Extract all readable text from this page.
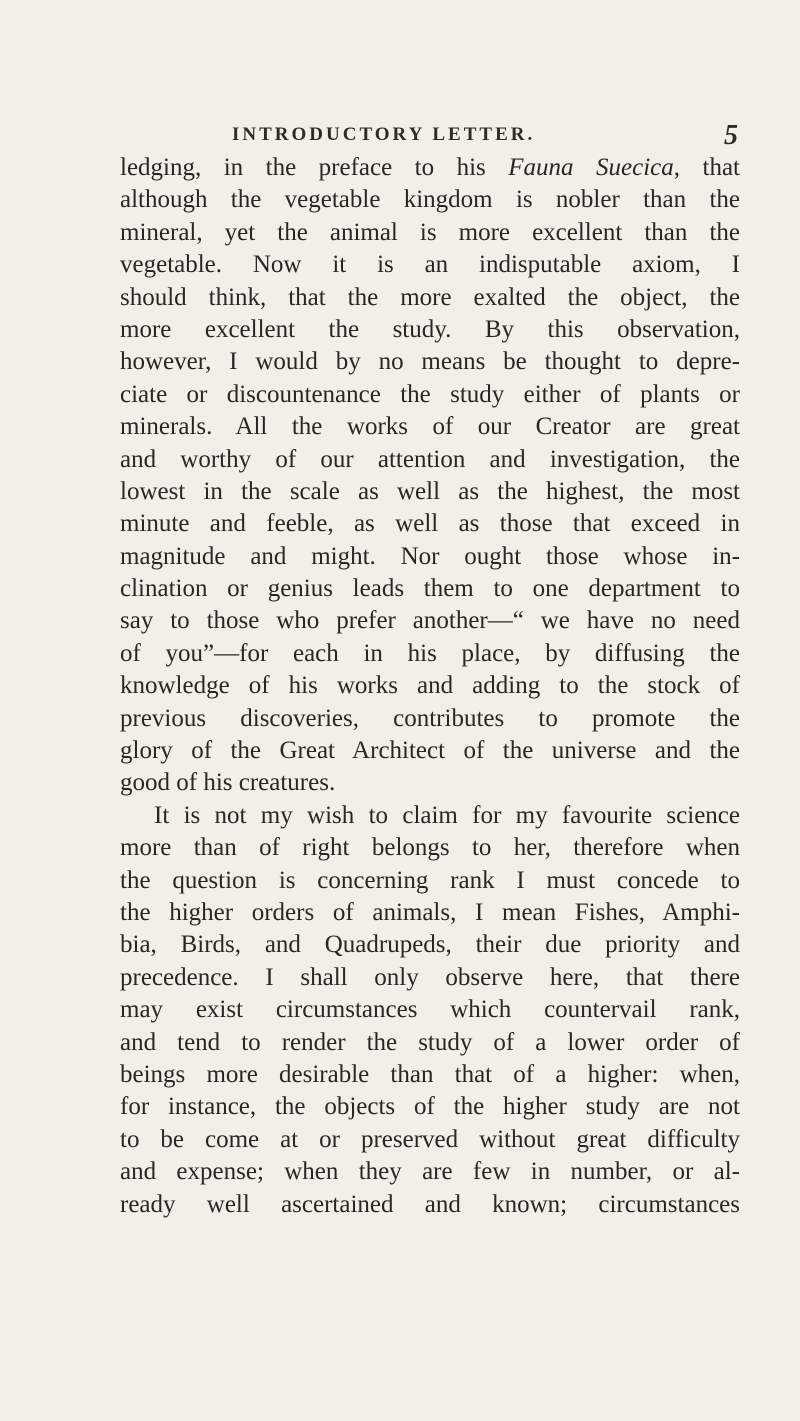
INTRODUCTORY LETTER.	5
ledging, in the preface to his Fauna Suecica, that
although the vegetable kingdom is nobler than the
mineral, yet the animal is more excellent than the
vegetable. Now it is an indisputable axiom, I
should think, that the more exalted the object, the
more excellent the study. By this observation,
however, I would by no means be thought to depre-
ciate or discountenance the study either of plants or
minerals. All the works of our Creator are great
and worthy of our attention and investigation, the
lowest in the scale as well as the highest, the most
minute and feeble, as well as those that exceed in
magnitude and might. Nor ought those whose in-
clination or genius leads them to one department to
say to those who prefer another—“ we have no need
of you”—for each in his place, by diffusing the
knowledge of his works and adding to the stock of
previous discoveries, contributes to promote the
glory of the Great Architect of the universe and the
good of his creatures.
It is not my wish to claim for my favourite science
more than of right belongs to her, therefore when
the question is concerning rank I must concede to
the higher orders of animals, I mean Fishes, Amphi-
bia, Birds, and Quadrupeds, their due priority and
precedence. I shall only observe here, that there
may exist circumstances which countervail rank,
and tend to render the study of a lower order of
beings more desirable than that of a higher: when,
for instance, the objects of the higher study are not
to be come at or preserved without great difficulty
and expense; when they are few in number, or al-
ready well ascertained and known; circumstances
